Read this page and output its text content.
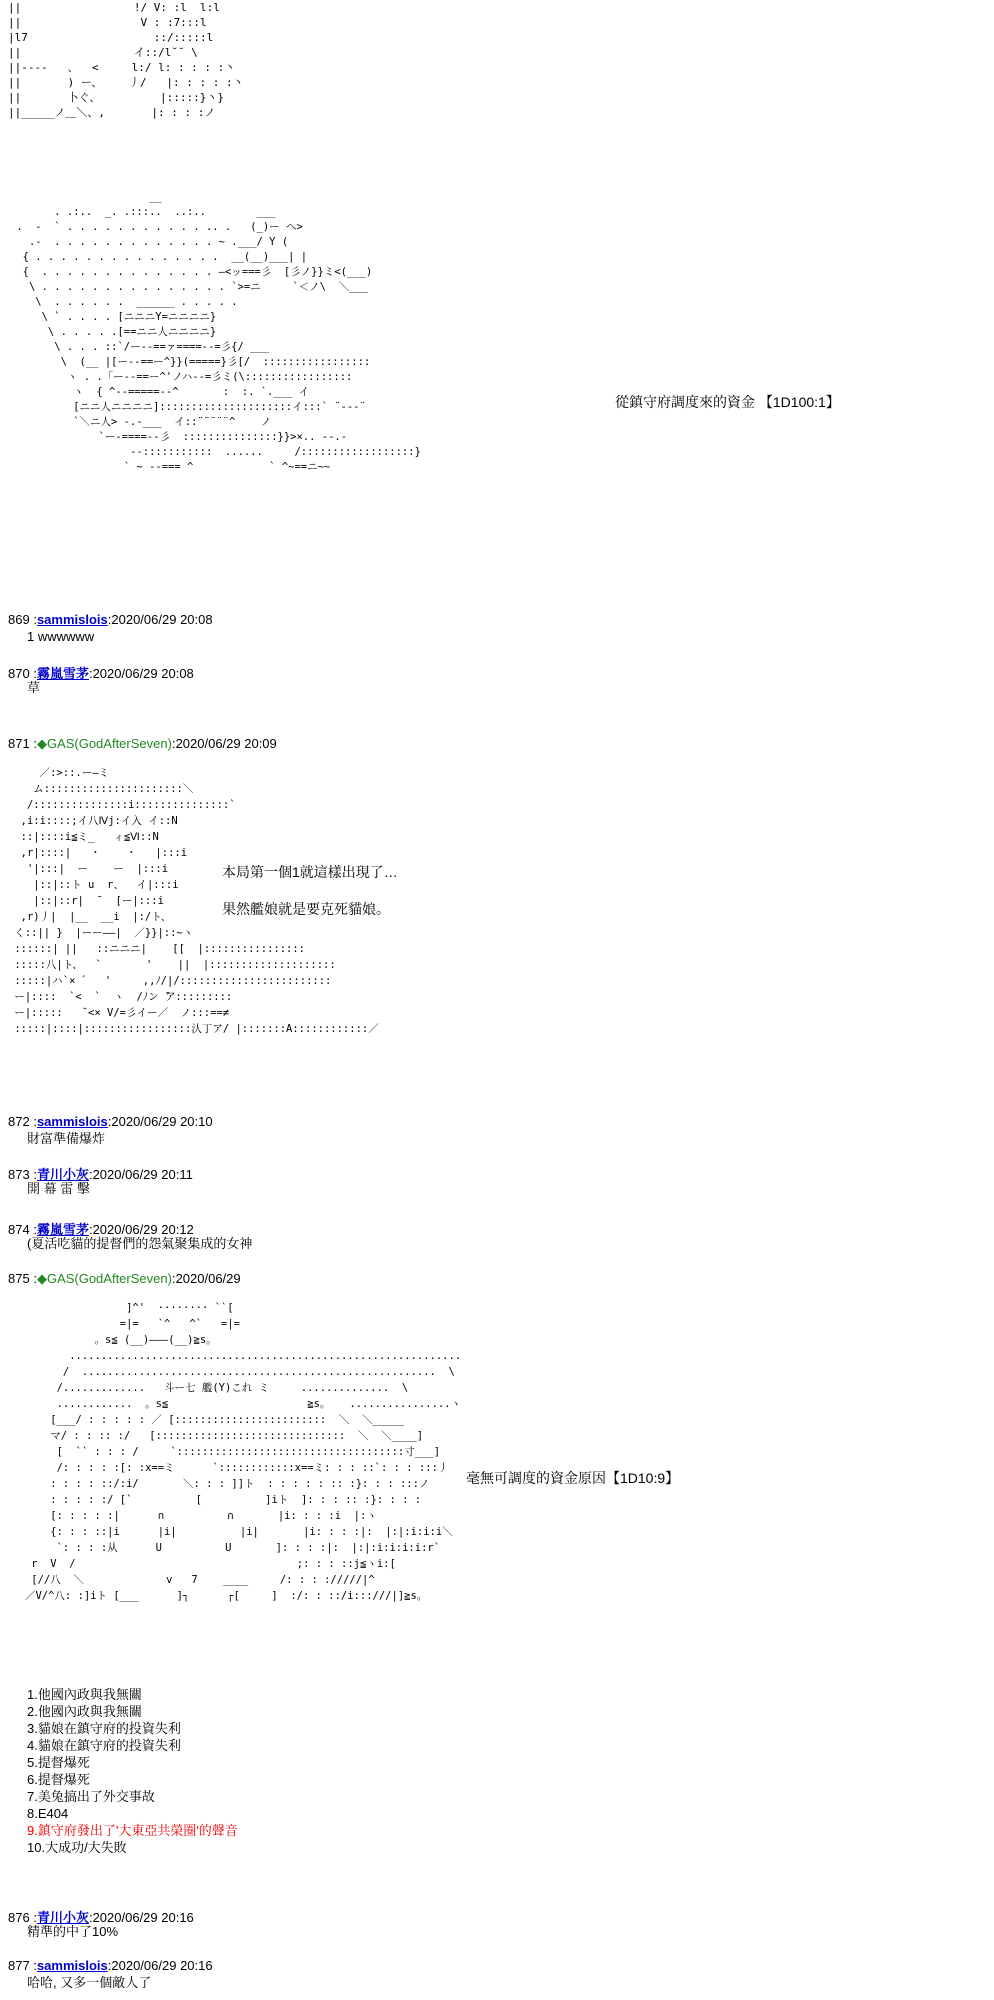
||                 !/ V: :l  l:l
||                  V : :7:::l
|l7                   ::/:::::l
||                 イ::/l˘˘ \
||----   、  <     l:/ l: : : : :丶
||       ) ー、    丿/   |: : : : :丶
||       卜ぐ、         |:::::}丶}
||_____ノ＿＼、,       |: : : :ノ
__
. .:..  _. .:::..  ..:..        ___
.  -  ` . . . . . . . . . . . .. .   (_)ー へ>
.-  . . . . . . . . . . . . . ~ .___/ Y (
{ . . . . . . . . . . . . . . .  __(__)___| |
{  . . . . . . . . . . . . . . ―<ッ===彡  [彡ノ}}ミ<(___)
\ . . . . . . . . . . . . . . . `>=ニ     `＜ノ\  ＼___
\  . . . . . .  ______ . . . . .
\ ` . . . . [ニニニY=ニニニニ}
\ . . . . .[==ニニ人ニニニニ}
\ . . . ::`/ー--==ァ====--=彡{/ ___
\  (__ |[ー--==ー^}}(=====}彡[/  :::::::::::::::::
ヽ . .「ー--==ー^'ノハ--=彡ミ(\:::::::::::::::::
ヽ  { ^--=====--^       :  :. `.___ イ
[ニニ人ニニニニ]:::::::::::::::::::::イ:::` ¨---¨
`＼ニ人> -.-___  イ::¨¨¨¨¨^    ノ
`ー-====--彡  :::::::::::::::}}>×.. --.-
--:::::::::::  ......     /::::::::::::::::::}
` ~ --=== ^            ` ^~==ニ~~
從鎮守府調度來的資金 【1D100:1】
869 :sammislois:2020/06/29 20:08
1 wwwwww
870 :霧嵐雪茅:2020/06/29 20:08
草
871 :◆GAS(GodAfterSeven):2020/06/29 20:09
／:>::.ー―ミ
ム::::::::::::::::::::::＼
/:::::::::::::::i:::::::::::::::`
,i:i::::;イ八Ⅳj:イ入 イ::N
::|::::i≦ミ_   ィ≦Ⅵ::N
,r|::::|   ・    ・   |:::i
'|:::|  ー    ー  |:::i
|::|::ト u  r、  イ|:::i
|::|::r|  ̄   [ー|:::i
,r)丿|  |__  __i  |:/ト、
く::|| }  |ーー――|  ／}}|::~ヽ
::::::| ||   ::ニニニ|    [[  |::::::::::::::::
:::::八|ト、  `       '    ||  |::::::::::::::::::::
:::::|ハ`× ゛  '     ,,ﾉ/|/::::::::::::::::::::::::
ー|::::  `<  `  ヽ  /ﾉン ̄ア:::::::::
ー|:::::   ˘<× V/=彡イー／  ノ:::==≠
:::::|::::|:::::::::::::::::汄丁ア/ |:::::::A::::::::::::／
本局第一個1就這樣出現了…
果然艦娘就是要克死貓娘。
872 :sammislois:2020/06/29 20:10
財富準備爆炸
873 :青川小灰:2020/06/29 20:11
開 幕 雷 擊
874 :霧嵐雪茅:2020/06/29 20:12
(夏活吃貓的提督們的怨氣聚集成的女神
875 :◆GAS(GodAfterSeven):2020/06/29
]^'  ········ ``[
=|=   `^   ^`   =|=
。s≦ (__)―――(__)≧s。
..............................................................
/  ........................................................  \
/.............   斗ー七 艦(Y)これ ミ     ..............  \
............  。s≦                      ≧s。   ................ヽ
[___/ : : : : : ／ [::::::::::::::::::::::::  ＼  ＼_____
マ/ : : :: :/   [::::::::::::::::::::::::::::::  ＼  ＼____]
[  `` : : : /     `::::::::::::::::::::::::::::::::::::寸___]
/: : : : :[: :x==ミ      `::::::::::::x==ミ: : : ::`: : : :::丿
: : : : ::/:i/       ＼: : : ]]ト  : : : : : :: :}: : : :::ノ
: : : : :/ [`          [          ]iト  ]: : : :: :}: : : :
[: : : : :|      ∩          ∩       |i: : : :i  |:ヽ
{: : : ::|i      |i|          |i|       |i: : : :|:  |:|:i:i:i＼
`: : : :从      U          U       ]: : : :|:  |:|:i:i:i:i:r`
r  V  /                                   ;: : : ::j≦ヽi:[
[//八  ＼             v   7    ____     /: : : ://///|^
／V/^八: :]iト [___      ]┐      ┌[     ]  :/: : ::/i:::///|]≧s。
毫無可調度的資金原因【1D10:9】
1.他國內政與我無關
2.他國內政與我無關
3.貓娘在鎮守府的投資失利
4.貓娘在鎮守府的投資失利
5.提督爆死
6.提督爆死
7.美兔搞出了外交事故
8.E404
9.鎮守府發出了'大東亞共榮圈'的聲音
10.大成功/大失敗
876 :青川小灰:2020/06/29 20:16
精準的中了10%
877 :sammislois:2020/06/29 20:16
哈哈, 又多一個敵人了
